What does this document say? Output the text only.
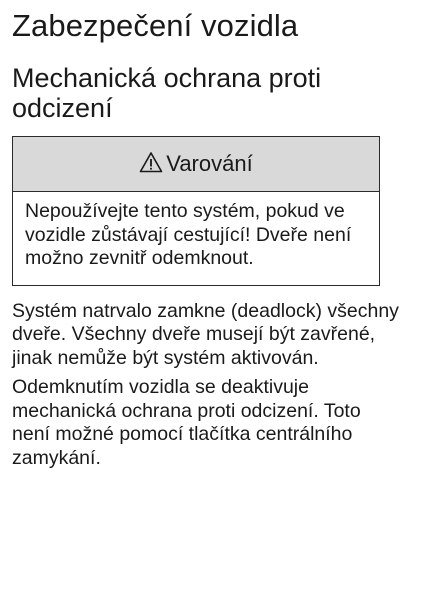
Zabezpečení vozidla
Mechanická ochrana proti odcizení
Varování
Nepoužívejte tento systém, pokud ve vozidle zůstávají cestující! Dveře není možno zevnitř odemknout.

Systém natrvalo zamkne (deadlock) všechny dveře. Všechny dveře musejí být zavřené, jinak nemůže být systém aktivován.

Odemknutím vozidla se deaktivuje mechanická ochrana proti odcizení. Toto není možné pomocí tlačítka centrálního zamykání.
